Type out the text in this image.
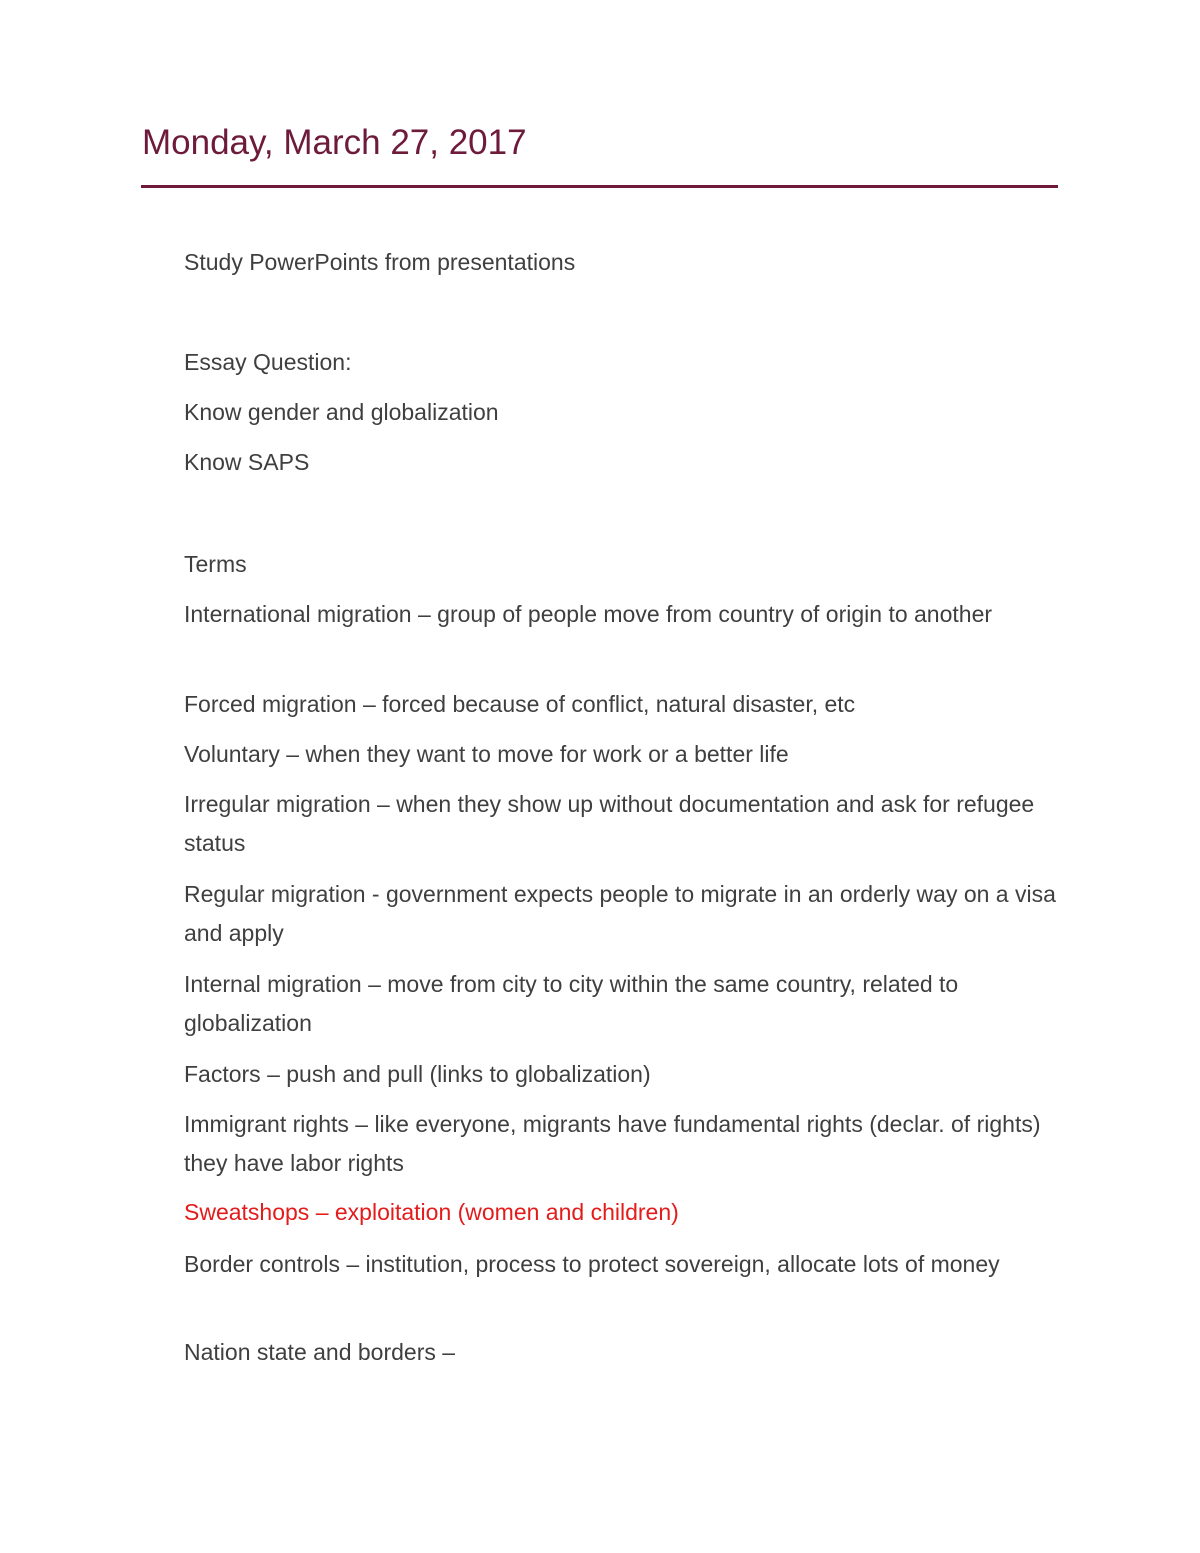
Monday, March 27, 2017

Study PowerPoints from presentations

Essay Question:

Know gender and globalization

Know SAPS

Terms

International migration – group of people move from country of origin to another

Forced migration – forced because of conflict, natural disaster, etc

Voluntary – when they want to move for work or a better life

Irregular migration – when they show up without documentation and ask for refugee status

Regular migration - government expects people to migrate in an orderly way on a visa and apply

Internal migration – move from city to city within the same country, related to globalization

Factors – push and pull (links to globalization)

Immigrant rights – like everyone, migrants have fundamental rights (declar. of rights) they have labor rights

Sweatshops – exploitation (women and children)

Border controls – institution, process to protect sovereign, allocate lots of money

Nation state and borders –
